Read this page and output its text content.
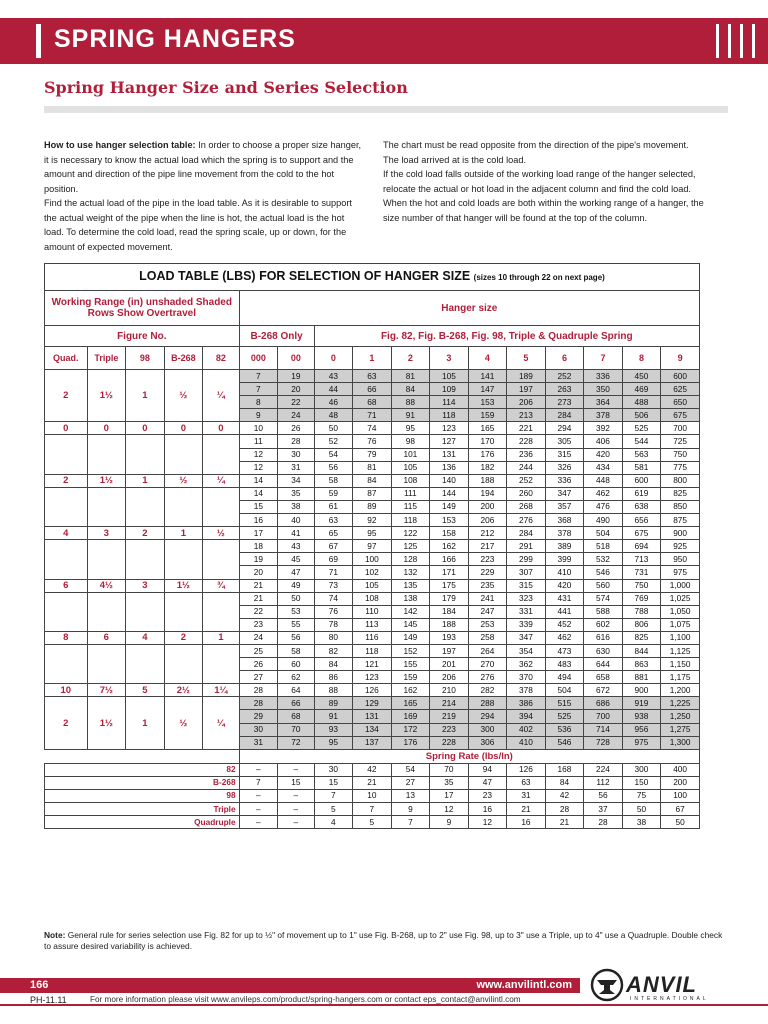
SPRING HANGERS
Spring Hanger Size and Series Selection

How to use hanger selection table: In order to choose a proper size hanger, it is necessary to know the actual load which the spring is to support and the amount and direction of the pipe line movement from the cold to the hot position.

Find the actual load of the pipe in the load table. As it is desirable to support the actual weight of the pipe when the line is hot, the actual load is the hot load. To determine the cold load, read the spring scale, up or down, for the amount of expected movement.

The chart must be read opposite from the direction of the pipe's movement. The load arrived at is the cold load.

If the cold load falls outside of the working load range of the hanger selected, relocate the actual or hot load in the adjacent column and find the cold load. When the hot and cold loads are both within the working range of a hanger, the size number of that hanger will be found at the top of the column.

LOAD TABLE (LBS) FOR SELECTION OF HANGER SIZE (sizes 10 through 22 on next page)																
Working Range (in) unshaded Shaded Rows Show Overtravel					Hanger size											
Figure No.					B-268 Only		Fig. 82, Fig. B-268, Fig. 98, Triple & Quadruple Spring									
Quad.	Triple	98	B-268	82	000	00	0	1	2	3	4	5	6	7	8	9
2	1½	1	½	¼	7	19	43	63	81	105	141	189	252	336	450	600
					7	20	44	66	84	109	147	197	263	350	469	625
					8	22	46	68	88	114	153	206	273	364	488	650
					9	24	48	71	91	118	159	213	284	378	506	675
0	0	0	0	0	10	26	50	74	95	123	165	221	294	392	525	700
					11	28	52	76	98	127	170	228	305	406	544	725
					12	30	54	79	101	131	176	236	315	420	563	750
					12	31	56	81	105	136	182	244	326	434	581	775
2	1½	1	½	¼	14	34	58	84	108	140	188	252	336	448	600	800
					14	35	59	87	111	144	194	260	347	462	619	825
					15	38	61	89	115	149	200	268	357	476	638	850
					16	40	63	92	118	153	206	276	368	490	656	875
4	3	2	1	½	17	41	65	95	122	158	212	284	378	504	675	900
					18	43	67	97	125	162	217	291	389	518	694	925
					19	45	69	100	128	166	223	299	399	532	713	950
					20	47	71	102	132	171	229	307	410	546	731	975
6	4½	3	1½	¾	21	49	73	105	135	175	235	315	420	560	750	1,000
					21	50	74	108	138	179	241	323	431	574	769	1,025
					22	53	76	110	142	184	247	331	441	588	788	1,050
					23	55	78	113	145	188	253	339	452	602	806	1,075
8	6	4	2	1	24	56	80	116	149	193	258	347	462	616	825	1,100
					25	58	82	118	152	197	264	354	473	630	844	1,125
					26	60	84	121	155	201	270	362	483	644	863	1,150
					27	62	86	123	159	206	276	370	494	658	881	1,175
10	7½	5	2½	1¼	28	64	88	126	162	210	282	378	504	672	900	1,200
2	1½	1	½	¼	28	66	89	129	165	214	288	386	515	686	919	1,225
					29	68	91	131	169	219	294	394	525	700	938	1,250
					30	70	93	134	172	223	300	402	536	714	956	1,275
					31	72	95	137	176	228	306	410	546	728	975	1,300
					Spring Rate (lbs/In)											
82					–	–	30	42	54	70	94	126	168	224	300	400
B-268					7	15	15	21	27	35	47	63	84	112	150	200
98					–	–	7	10	13	17	23	31	42	56	75	100
Triple					–	–	5	7	9	12	16	21	28	37	50	67
Quadruple					–	–	4	5	7	9	12	16	21	28	38	50
Note: General rule for series selection use Fig. 82 for up to ½" of movement up to 1" use Fig. B-268, up to 2" use Fig. 98, up to 3" use a Triple, up to 4" use a Quadruple. Double check to assure desired variability is achieved.
166	www.anvilintl.com
PH-11.11	For more information please visit www.anvileps.com/product/spring-hangers.com or contact eps_contact@anvilintl.com
ANVIL
INTERNATIONAL
